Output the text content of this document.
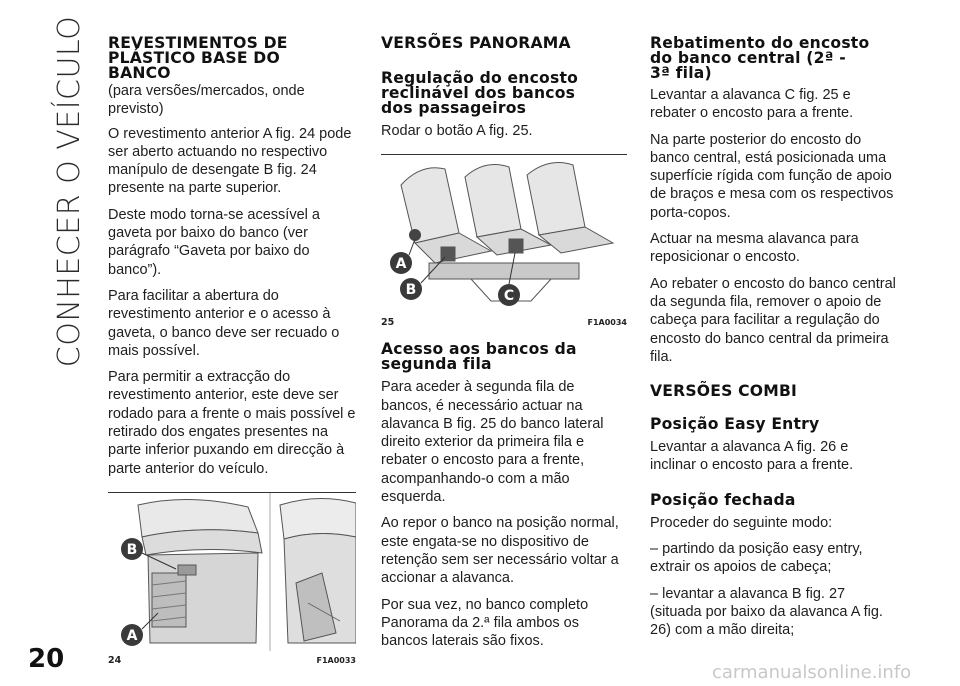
CONHECER O VEÍCULO
20	carmanualsonline.info
REVESTIMENTOS DE
PLÁSTICO BASE DO
BANCO

(para versões/mercados, onde previsto)

O revestimento anterior A fig. 24 pode ser aberto actuando no respectivo manípulo de desengate B fig. 24 presente na parte superior.

Deste modo torna-se acessível a gaveta por baixo do banco (ver parágrafo “Gaveta por baixo do banco”).

Para facilitar a abertura do revestimento anterior e o acesso à gaveta, o banco deve ser recuado o mais possível.

Para permitir a extracção do revestimento anterior, este deve ser rodado para a frente o mais possível e retirado dos engates presentes na parte inferior puxando em direcção à parte anterior do veículo.

B
A
24	F1A0033
VERSÕES PANORAMA
Regulação do encosto
reclinável dos bancos
dos passageiros

Rodar o botão A fig. 25.

A
B	C
25	F1A0034
Acesso aos bancos da
segunda fila

Para aceder à segunda fila de bancos, é necessário actuar na alavanca B fig. 25 do banco lateral direito exterior da primeira fila e rebater o encosto para a frente, acompanhando-o com a mão esquerda.

Ao repor o banco na posição normal, este engata-se no dispositivo de retenção sem ser necessário voltar a accionar a alavanca.

Por sua vez, no banco completo Panorama da 2.ª fila ambos os bancos laterais são fixos.

Rebatimento do encosto
do banco central (2ª -
3ª fila)

Levantar a alavanca C fig. 25 e rebater o encosto para a frente.

Na parte posterior do encosto do banco central, está posicionada uma superfície rígida com função de apoio de braços e mesa com os respectivos porta-copos.

Actuar na mesma alavanca para reposicionar o encosto.

Ao rebater o encosto do banco central da segunda fila, remover o apoio de cabeça para facilitar a regulação do encosto do banco central da primeira fila.

VERSÕES COMBI
Posição Easy Entry

Levantar a alavanca A fig. 26 e inclinar o encosto para a frente.

Posição fechada

Proceder do seguinte modo:

– partindo da posição easy entry, extrair os apoios de cabeça;

– levantar a alavanca B fig. 27 (situada por baixo da alavanca A fig. 26) com a mão direita;
